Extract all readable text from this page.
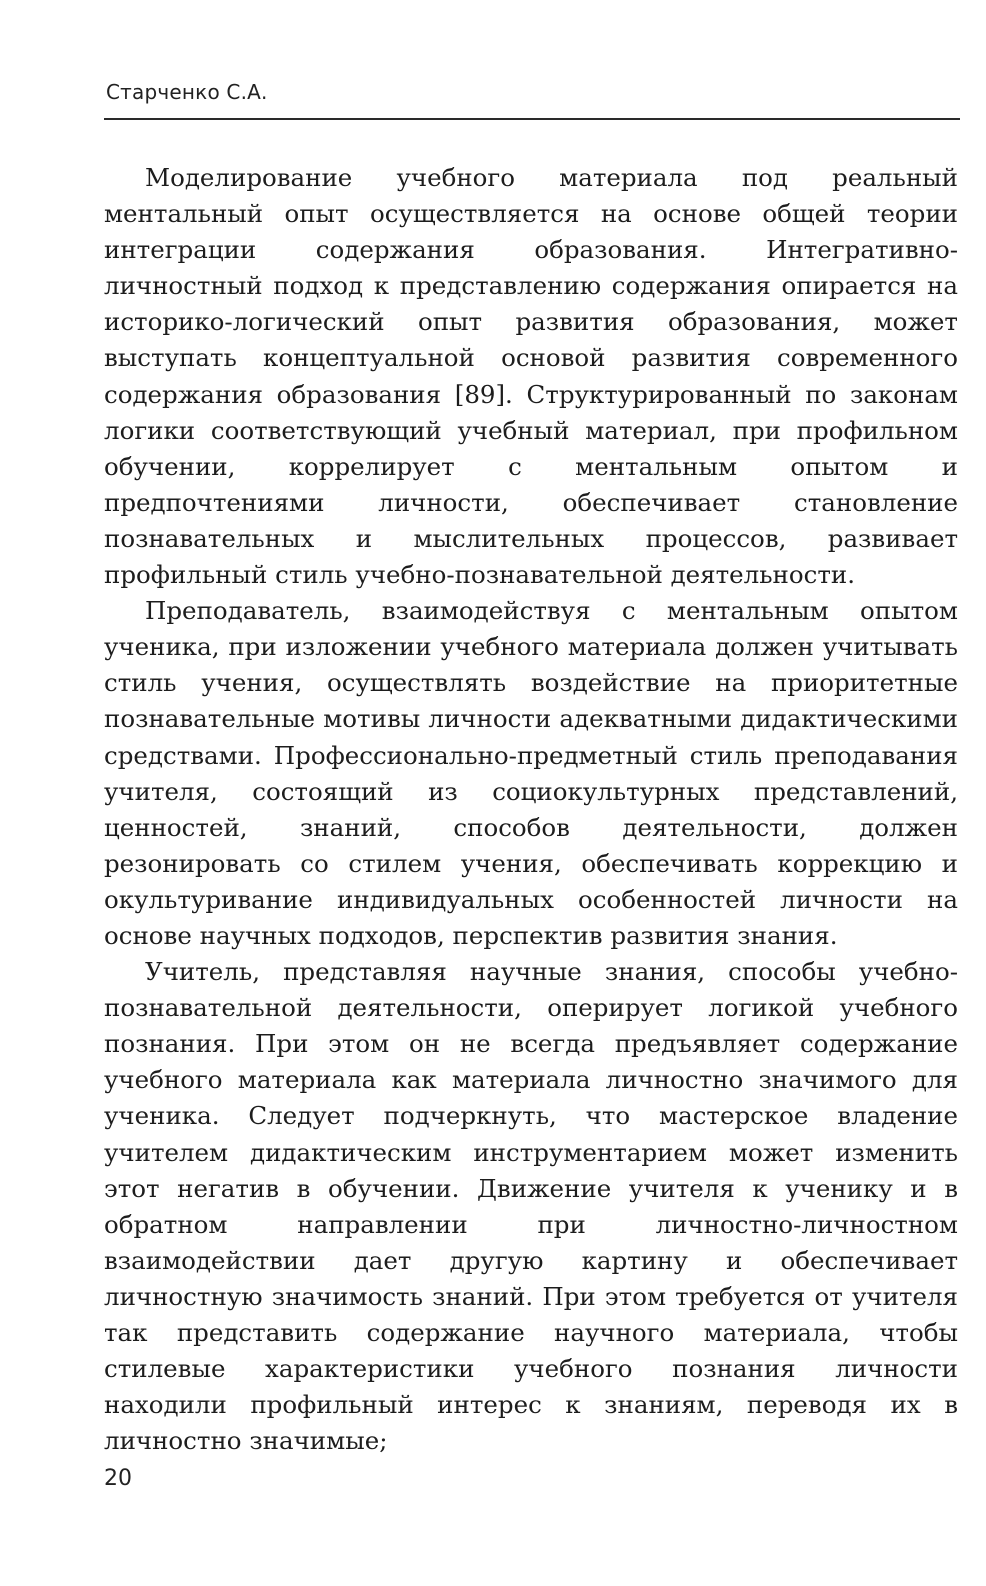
Старченко С.А.

Моделирование учебного материала под реальный ментальный опыт осуществляется на основе общей теории интеграции содержания образования. Интегративно-личностный подход к представлению содержания опирается на историко-логический опыт развития образования, может выступать концептуальной основой развития современного содержания образования [89]. Структурированный по законам логики соответствующий учебный материал, при профильном обучении, коррелирует с ментальным опытом и предпочтениями личности, обеспечивает становление познавательных и мыслительных процессов, развивает профильный стиль учебно-познавательной деятельности.

Преподаватель, взаимодействуя с ментальным опытом ученика, при изложении учебного материала должен учитывать стиль учения, осуществлять воздействие на приоритетные познавательные мотивы личности адекватными дидактическими средствами. Профессионально-предметный стиль преподавания учителя, состоящий из социокультурных представлений, ценностей, знаний, способов деятельности, должен резонировать со стилем учения, обеспечивать коррекцию и окультуривание индивидуальных особенностей личности на основе научных подходов, перспектив развития знания.

Учитель, представляя научные знания, способы учебно-познавательной деятельности, оперирует логикой учебного познания. При этом он не всегда предъявляет содержание учебного материала как материала личностно значимого для ученика. Следует подчеркнуть, что мастерское владение учителем дидактическим инструментарием может изменить этот негатив в обучении. Движение учителя к ученику и в обратном направлении при личностно-личностном взаимодействии дает другую картину и обеспечивает личностную значимость знаний. При этом требуется от учителя так представить содержание научного материала, чтобы стилевые характеристики учебного познания личности находили профильный интерес к знаниям, переводя их в личностно значимые;

20
